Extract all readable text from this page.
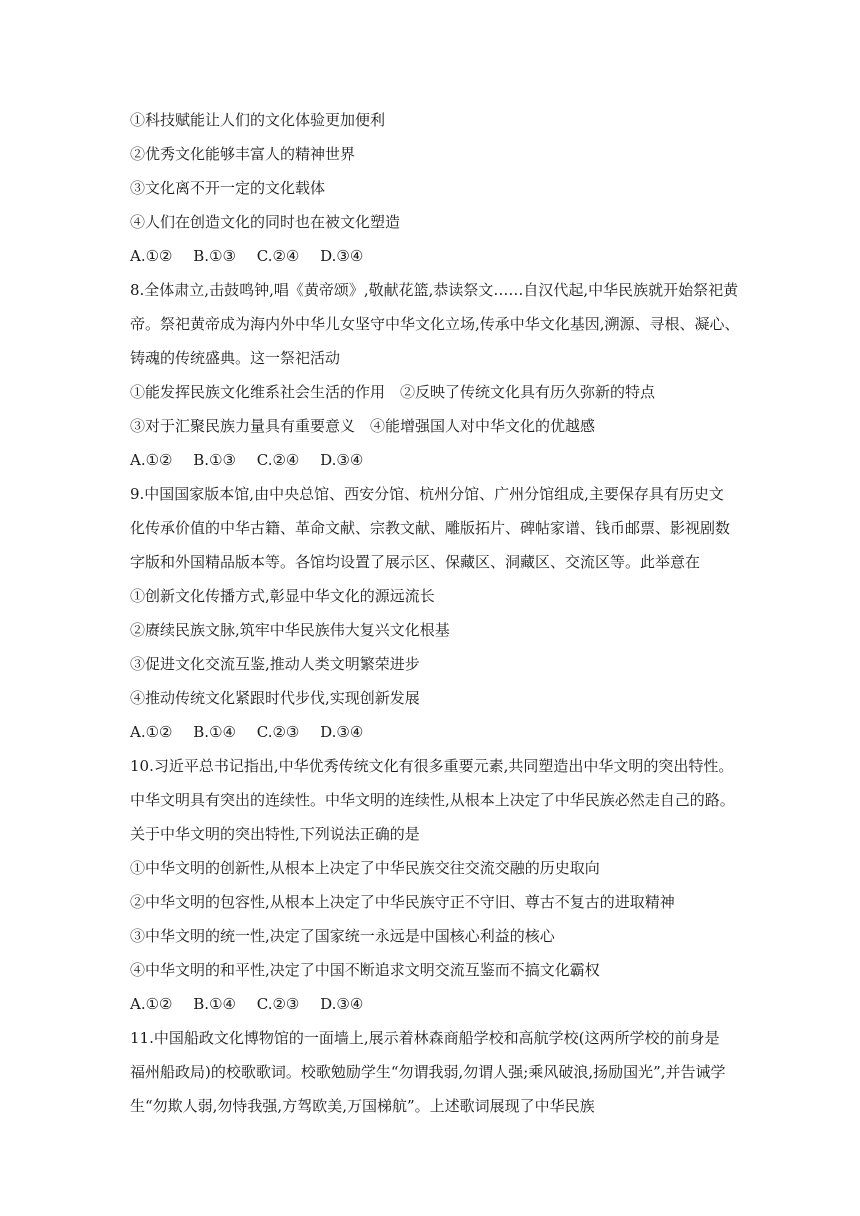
①科技赋能让人们的文化体验更加便利
②优秀文化能够丰富人的精神世界
③文化离不开一定的文化载体
④人们在创造文化的同时也在被文化塑造
A.①② B.①③ C.②④ D.③④
8.全体肃立,击鼓鸣钟,唱《黄帝颂》,敬献花篮,恭读祭文……自汉代起,中华民族就开始祭祀黄
帝。祭祀黄帝成为海内外中华儿女坚守中华文化立场,传承中华文化基因,溯源、寻根、凝心、
铸魂的传统盛典。这一祭祀活动
①能发挥民族文化维系社会生活的作用　②反映了传统文化具有历久弥新的特点
③对于汇聚民族力量具有重要意义　④能增强国人对中华文化的优越感
A.①② B.①③ C.②④ D.③④
9.中国国家版本馆,由中央总馆、西安分馆、杭州分馆、广州分馆组成,主要保存具有历史文
化传承价值的中华古籍、革命文献、宗教文献、雕版拓片、碑帖家谱、钱币邮票、影视剧数
字版和外国精品版本等。各馆均设置了展示区、保藏区、洞藏区、交流区等。此举意在
①创新文化传播方式,彰显中华文化的源远流长
②赓续民族文脉,筑牢中华民族伟大复兴文化根基
③促进文化交流互鉴,推动人类文明繁荣进步
④推动传统文化紧跟时代步伐,实现创新发展
A.①② B.①④ C.②③ D.③④
10.习近平总书记指出,中华优秀传统文化有很多重要元素,共同塑造出中华文明的突出特性。
中华文明具有突出的连续性。中华文明的连续性,从根本上决定了中华民族必然走自己的路。
关于中华文明的突出特性,下列说法正确的是
①中华文明的创新性,从根本上决定了中华民族交往交流交融的历史取向
②中华文明的包容性,从根本上决定了中华民族守正不守旧、尊古不复古的进取精神
③中华文明的统一性,决定了国家统一永远是中国核心利益的核心
④中华文明的和平性,决定了中国不断追求文明交流互鉴而不搞文化霸权
A.①② B.①④ C.②③ D.③④
11.中国船政文化博物馆的一面墙上,展示着林森商船学校和高航学校(这两所学校的前身是
福州船政局)的校歌歌词。校歌勉励学生“勿谓我弱,勿谓人强;乘风破浪,扬励国光”,并告诫学
生“勿欺人弱,勿恃我强,方驾欧美,万国梯航”。上述歌词展现了中华民族
